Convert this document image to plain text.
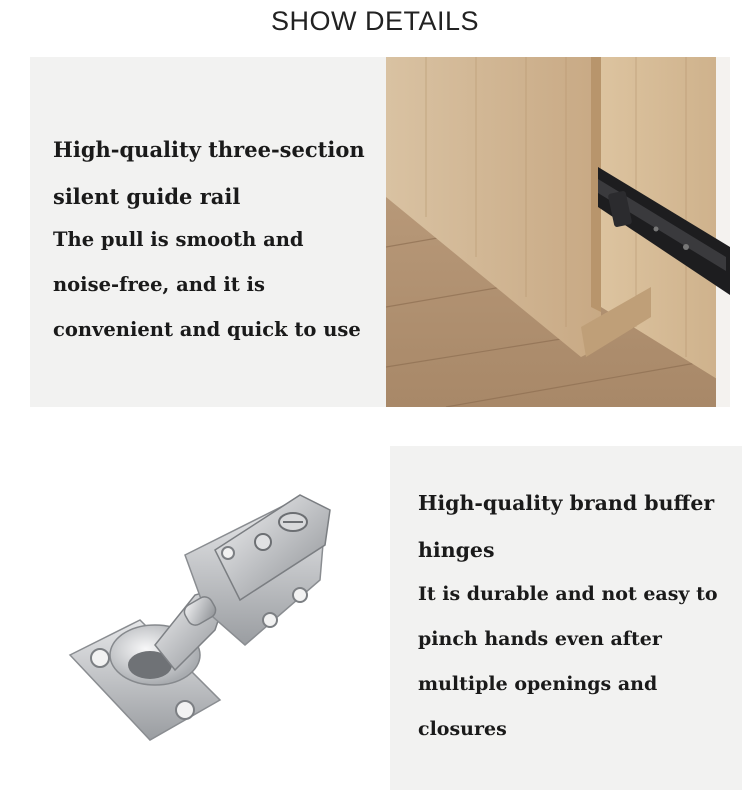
SHOW DETAILS
High-quality three-section silent guide rail
The pull is smooth and noise-free, and it is convenient and quick to use
High-quality brand buffer hinges
It is durable and not easy to pinch hands even after multiple openings and closures
